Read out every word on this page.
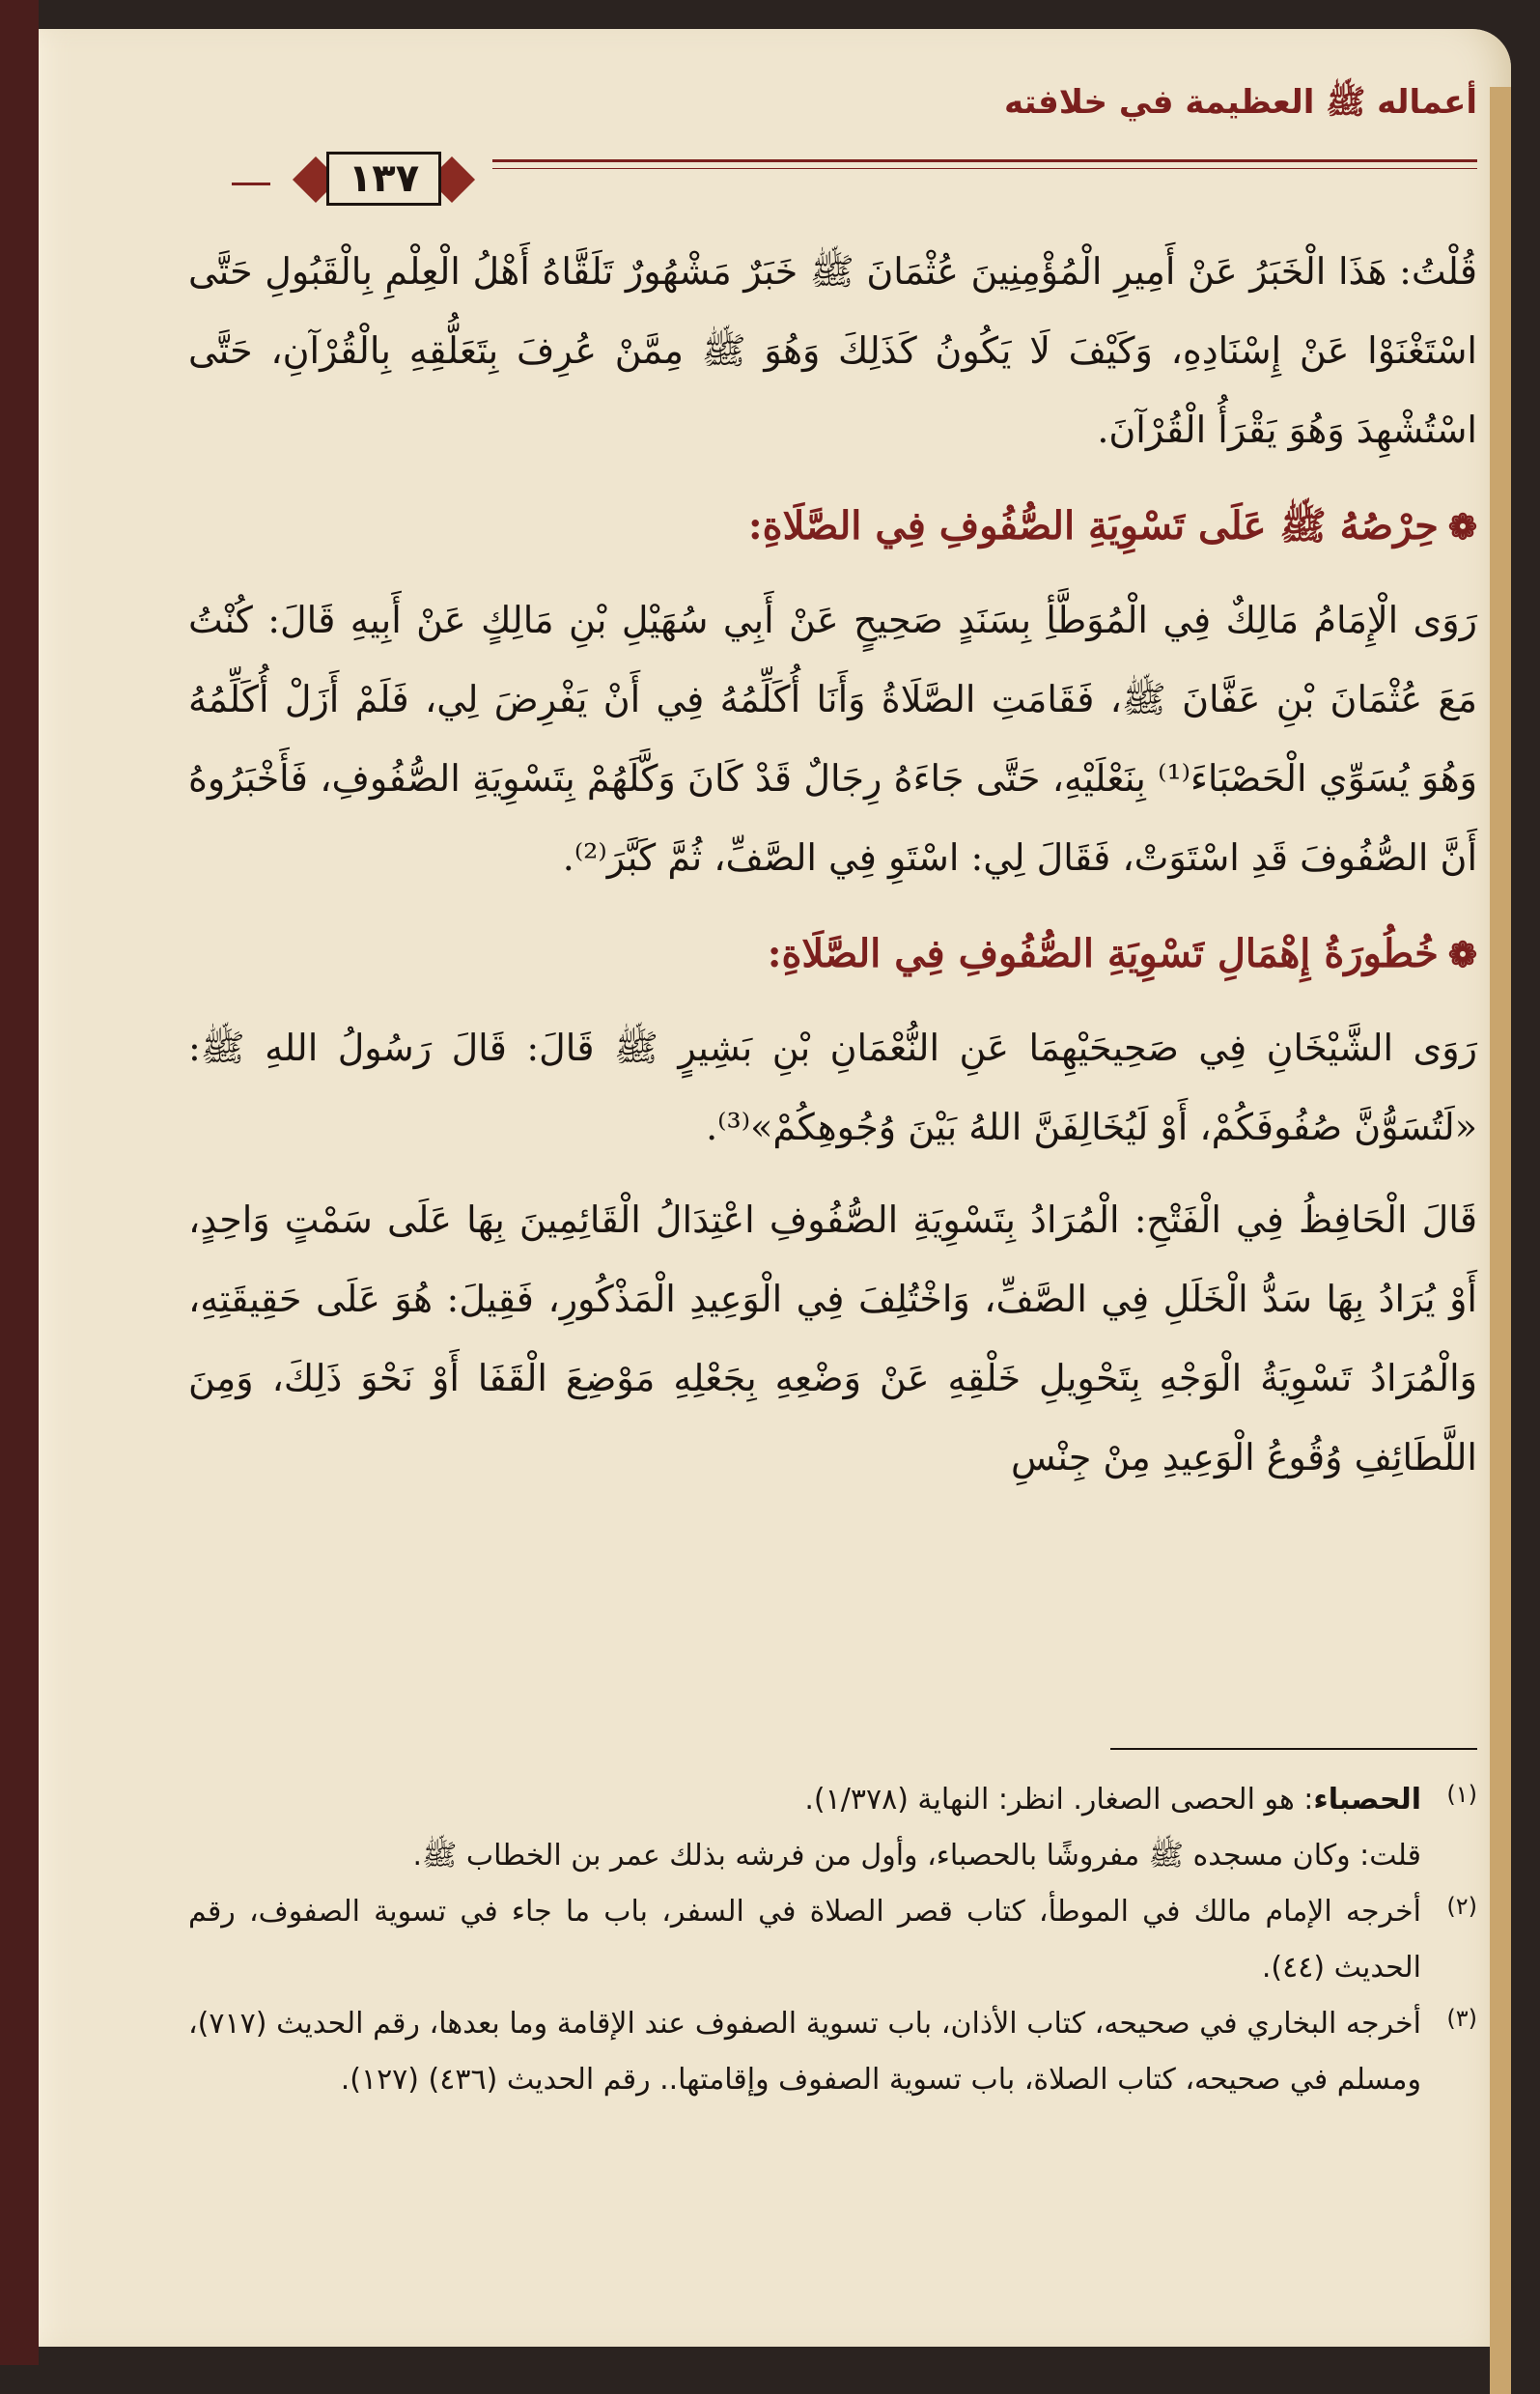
أعماله ﷺ العظيمة في خلافته
١٣٧

قُلْتُ: هَذَا الْخَبَرُ عَنْ أَمِيرِ الْمُؤْمِنِينَ عُثْمَانَ ﷺ خَبَرٌ مَشْهُورٌ تَلَقَّاهُ أَهْلُ الْعِلْمِ بِالْقَبُولِ حَتَّى اسْتَغْنَوْا عَنْ إِسْنَادِهِ، وَكَيْفَ لَا يَكُونُ كَذَلِكَ وَهُوَ ﷺ مِمَّنْ عُرِفَ بِتَعَلُّقِهِ بِالْقُرْآنِ، حَتَّى اسْتُشْهِدَ وَهُوَ يَقْرَأُ الْقُرْآنَ.

❁حِرْصُهُ ﷺ عَلَى تَسْوِيَةِ الصُّفُوفِ فِي الصَّلَاةِ:

رَوَى الْإِمَامُ مَالِكٌ فِي الْمُوَطَّأِ بِسَنَدٍ صَحِيحٍ عَنْ أَبِي سُهَيْلِ بْنِ مَالِكٍ عَنْ أَبِيهِ قَالَ: كُنْتُ مَعَ عُثْمَانَ بْنِ عَفَّانَ ﷺ، فَقَامَتِ الصَّلَاةُ وَأَنَا أُكَلِّمُهُ فِي أَنْ يَفْرِضَ لِي، فَلَمْ أَزَلْ أُكَلِّمُهُ وَهُوَ يُسَوِّي الْحَصْبَاءَ⁽¹⁾ بِنَعْلَيْهِ، حَتَّى جَاءَهُ رِجَالٌ قَدْ كَانَ وَكَّلَهُمْ بِتَسْوِيَةِ الصُّفُوفِ، فَأَخْبَرُوهُ أَنَّ الصُّفُوفَ قَدِ اسْتَوَتْ، فَقَالَ لِي: اسْتَوِ فِي الصَّفِّ، ثُمَّ كَبَّرَ⁽²⁾.

❁خُطُورَةُ إِهْمَالِ تَسْوِيَةِ الصُّفُوفِ فِي الصَّلَاةِ:

رَوَى الشَّيْخَانِ فِي صَحِيحَيْهِمَا عَنِ النُّعْمَانِ بْنِ بَشِيرٍ ﷺ قَالَ: قَالَ رَسُولُ اللهِ ﷺ: «لَتُسَوُّنَّ صُفُوفَكُمْ، أَوْ لَيُخَالِفَنَّ اللهُ بَيْنَ وُجُوهِكُمْ»⁽³⁾.

قَالَ الْحَافِظُ فِي الْفَتْحِ: الْمُرَادُ بِتَسْوِيَةِ الصُّفُوفِ اعْتِدَالُ الْقَائِمِينَ بِهَا عَلَى سَمْتٍ وَاحِدٍ، أَوْ يُرَادُ بِهَا سَدُّ الْخَلَلِ فِي الصَّفِّ، وَاخْتُلِفَ فِي الْوَعِيدِ الْمَذْكُورِ، فَقِيلَ: هُوَ عَلَى حَقِيقَتِهِ، وَالْمُرَادُ تَسْوِيَةُ الْوَجْهِ بِتَحْوِيلِ خَلْقِهِ عَنْ وَضْعِهِ بِجَعْلِهِ مَوْضِعَ الْقَفَا أَوْ نَحْوَ ذَلِكَ، وَمِنَ اللَّطَائِفِ وُقُوعُ الْوَعِيدِ مِنْ جِنْسِ

(١)
الحصباء: هو الحصى الصغار. انظر: النهاية (١/٣٧٨).
قلت: وكان مسجده ﷺ مفروشًا بالحصباء، وأول من فرشه بذلك عمر بن الخطاب ﷺ.
(٢)
أخرجه الإمام مالك في الموطأ، كتاب قصر الصلاة في السفر، باب ما جاء في تسوية الصفوف، رقم الحديث (٤٤).
(٣)
أخرجه البخاري في صحيحه، كتاب الأذان، باب تسوية الصفوف عند الإقامة وما بعدها، رقم الحديث (٧١٧)، ومسلم في صحيحه، كتاب الصلاة، باب تسوية الصفوف وإقامتها.. رقم الحديث (٤٣٦) (١٢٧).
